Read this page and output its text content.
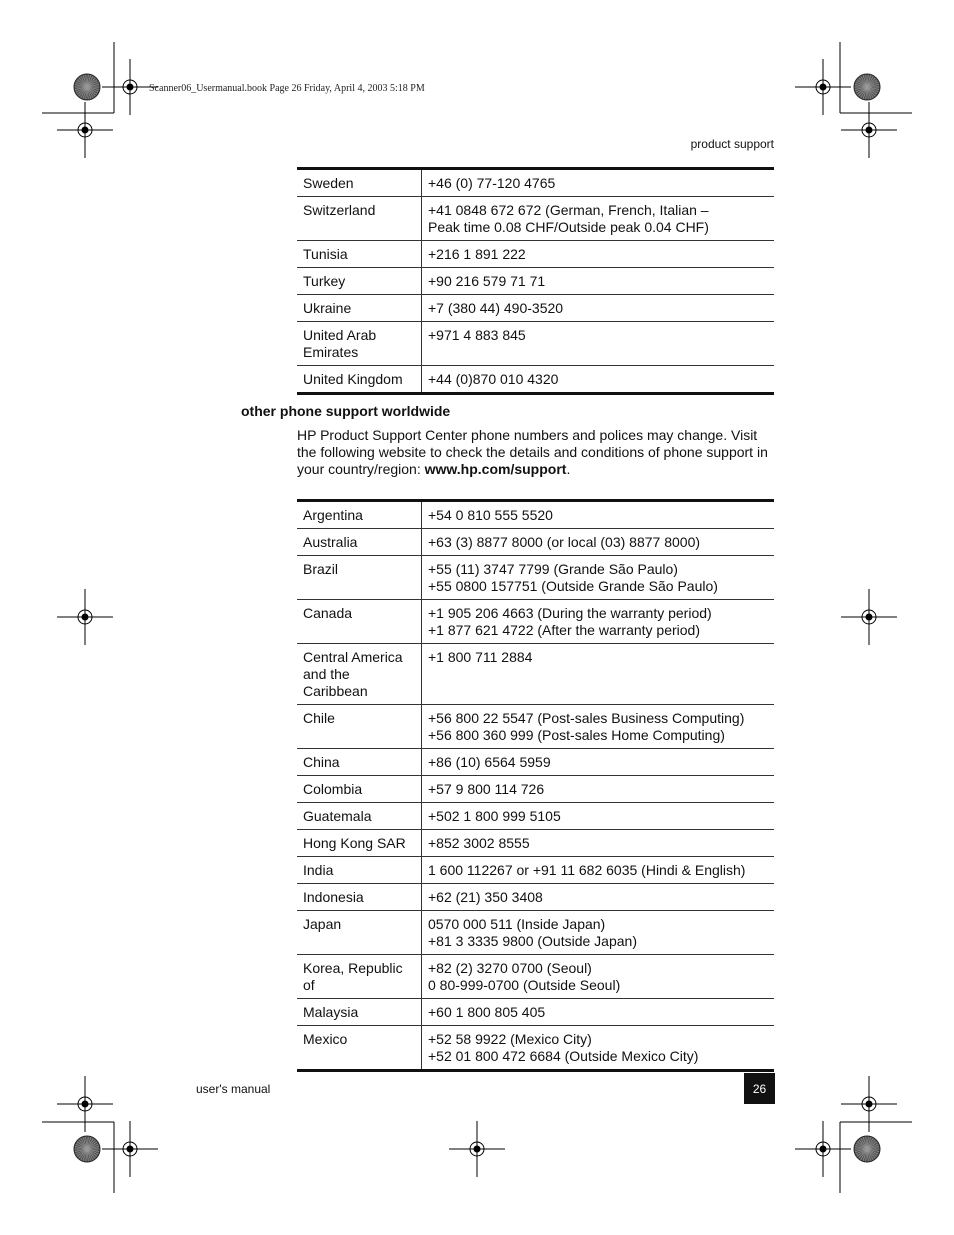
Scanner06_Usermanual.book Page 26 Friday, April 4, 2003 5:18 PM
product support
Sweden	+46 (0) 77-120 4765

Switzerland	+41 0848 672 672 (German, French, Italian –
Peak time 0.08 CHF/Outside peak 0.04 CHF)

Tunisia	+216 1 891 222

Turkey	+90 216 579 71 71

Ukraine	+7 (380 44) 490-3520

United Arab Emirates	+971 4 883 845

United Kingdom	+44 (0)870 010 4320
other phone support worldwide
HP Product Support Center phone numbers and polices may change. Visit the following website to check the details and conditions of phone support in your country/region: www.hp.com/support.
Argentina	+54 0 810 555 5520

Australia	+63 (3) 8877 8000 (or local (03) 8877 8000)

Brazil	+55 (11) 3747 7799 (Grande São Paulo)
+55 0800 157751 (Outside Grande São Paulo)

Canada	+1 905 206 4663 (During the warranty period)
+1 877 621 4722 (After the warranty period)

Central America and the Caribbean	+1 800 711 2884

Chile	+56 800 22 5547 (Post-sales Business Computing)
+56 800 360 999 (Post-sales Home Computing)

China	+86 (10) 6564 5959

Colombia	+57 9 800 114 726

Guatemala	+502 1 800 999 5105

Hong Kong SAR	+852 3002 8555

India	1 600 112267 or +91 11 682 6035 (Hindi & English)

Indonesia	+62 (21) 350 3408

Japan	0570 000 511 (Inside Japan)
+81 3 3335 9800 (Outside Japan)

Korea, Republic of	+82 (2) 3270 0700 (Seoul)
0 80-999-0700 (Outside Seoul)

Malaysia	+60 1 800 805 405

Mexico	+52 58 9922 (Mexico City)
+52 01 800 472 6684 (Outside Mexico City)
user's manual	26
